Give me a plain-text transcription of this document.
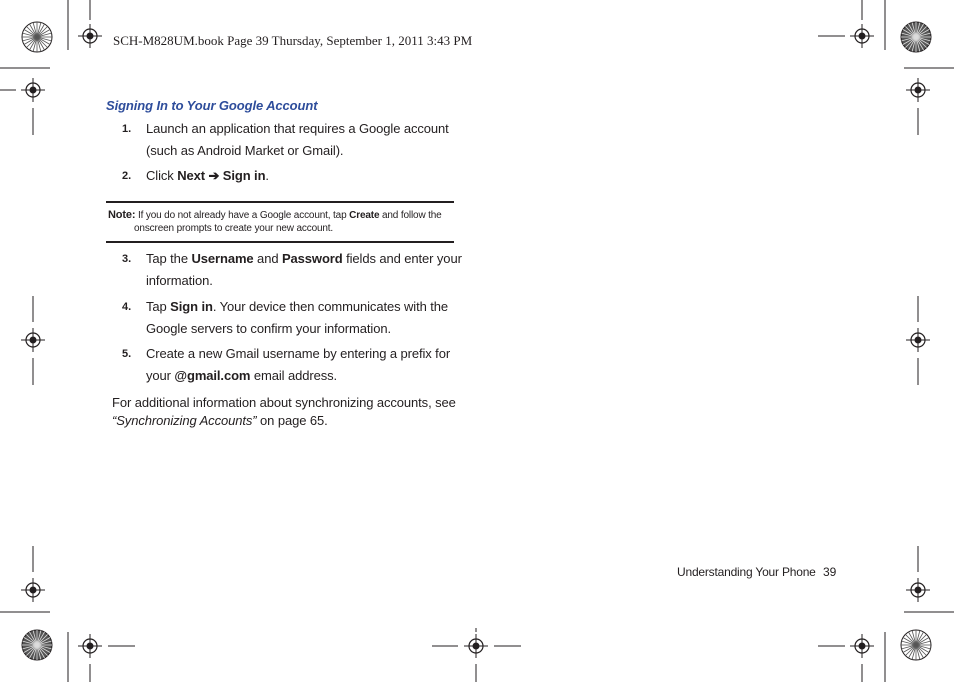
SCH-M828UM.book Page 39 Thursday, September 1, 2011 3:43 PM
Signing In to Your Google Account
1. Launch an application that requires a Google account (such as Android Market or Gmail).
2. Click Next ➔ Sign in.
Note: If you do not already have a Google account, tap Create and follow the
onscreen prompts to create your new account.
3. Tap the Username and Password fields and enter your information.
4. Tap Sign in. Your device then communicates with the Google servers to confirm your information.
5. Create a new Gmail username by entering a prefix for your @gmail.com email address.
For additional information about synchronizing accounts, see
“Synchronizing Accounts” on page 65.
Understanding Your Phone 39
